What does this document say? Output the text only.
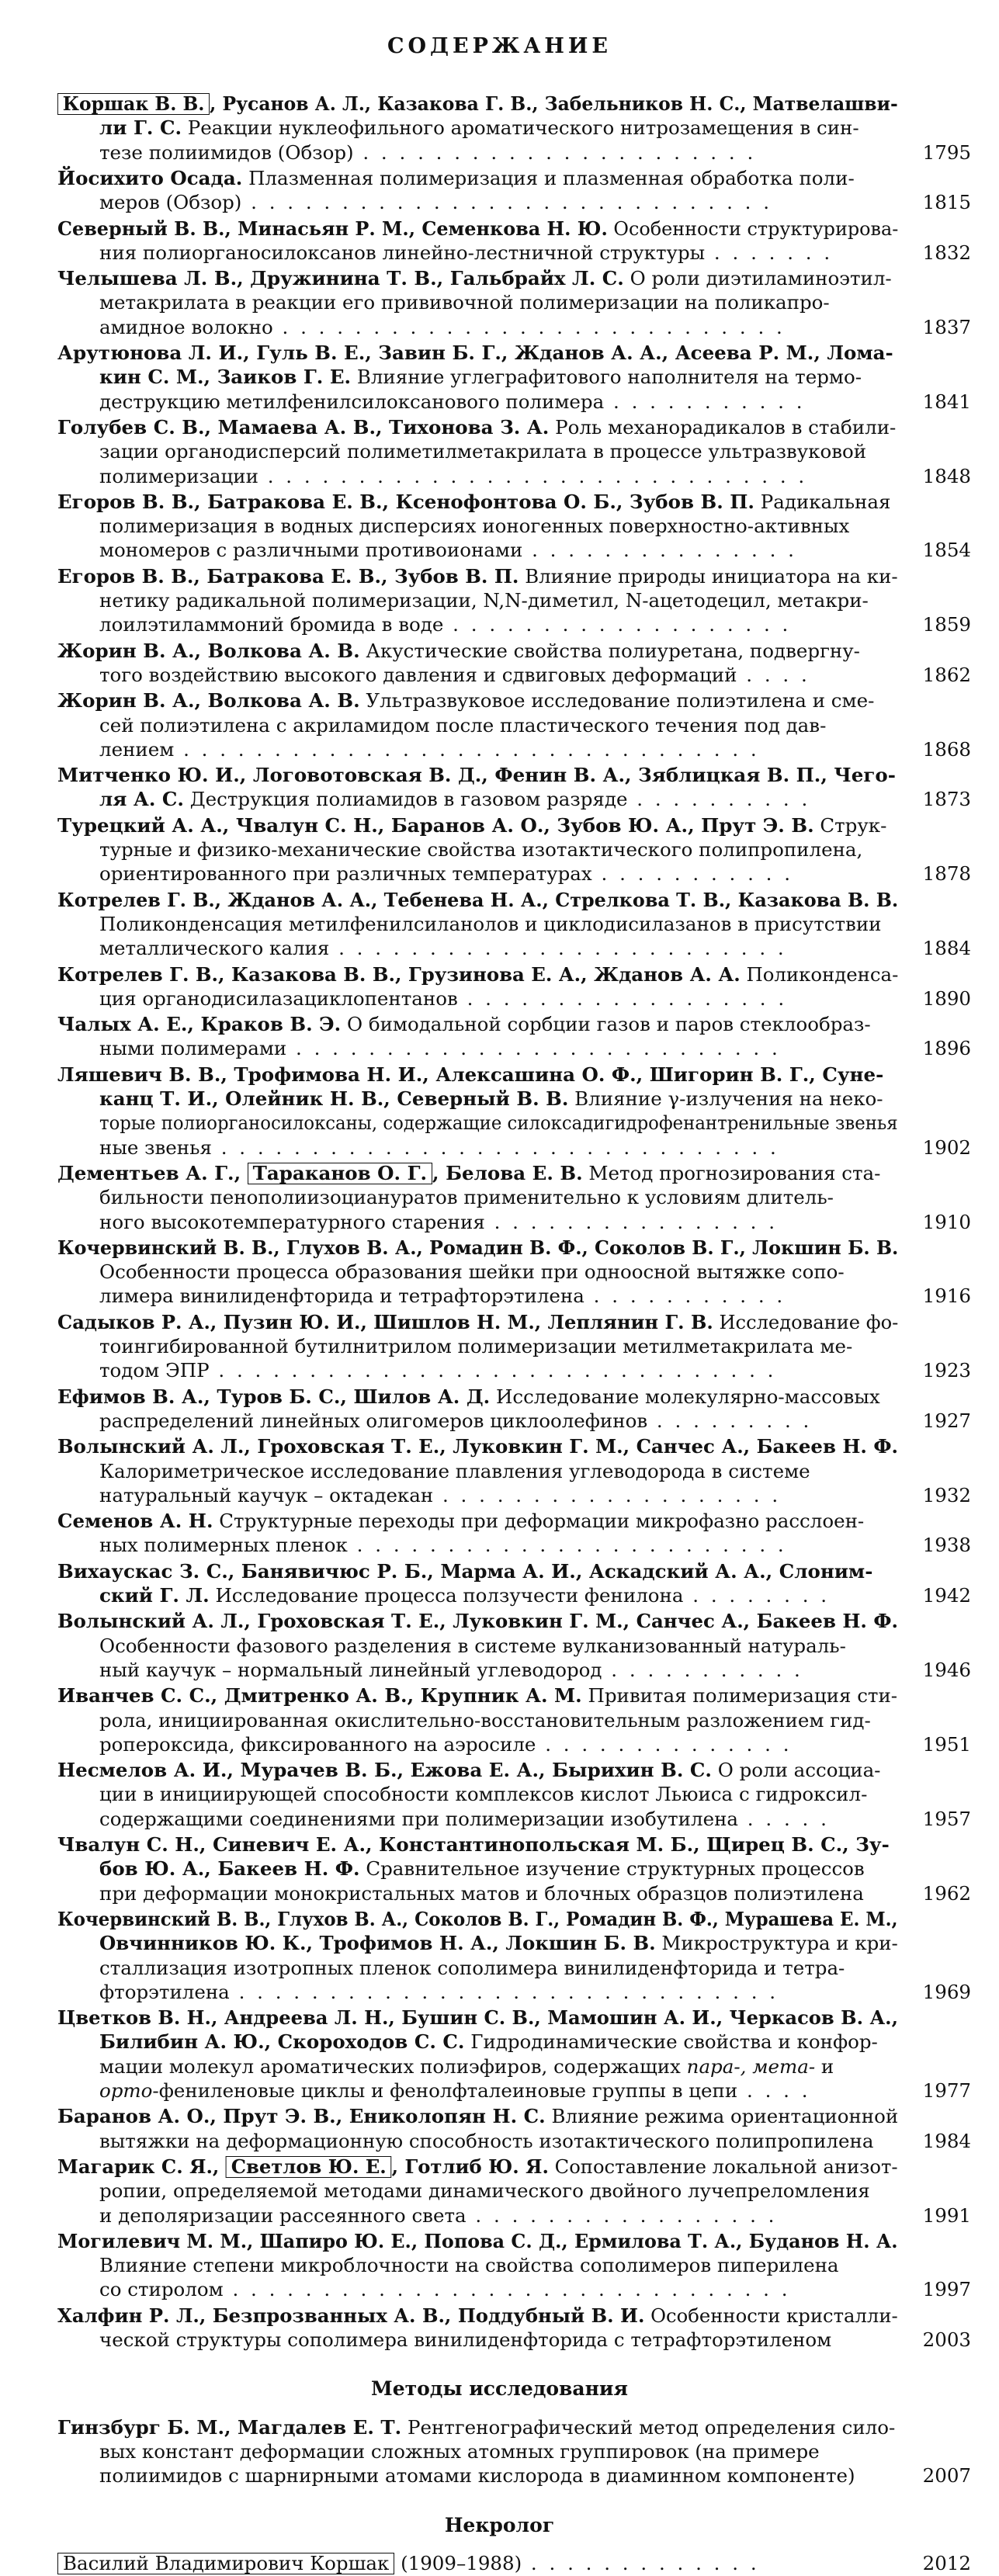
СОДЕРЖАНИЕ
Коршак В. В. , Русанов А. Л., Казакова Г. В., Забельников Н. С., Матвелашви-
ли Г. С. Реакции нуклеофильного ароматического нитрозамещения в син-
тезе полиимидов (Обзор) . . . . . . . . . . . . . . . . . . . . . .	1795
Йосихито Осада. Плазменная полимеризация и плазменная обработка поли-
меров (Обзор) . . . . . . . . . . . . . . . . . . . . . . . . . . . . .	1815
Северный В. В., Минасьян Р. М., Семенкова Н. Ю. Особенности структурирова-
ния полиорганосилоксанов линейно-лестничной структуры . . . . . . .	1832
Челышева Л. В., Дружинина Т. В., Гальбрайх Л. С. О роли диэтиламиноэтил-
метакрилата в реакции его прививочной полимеризации на поликапро-
амидное волокно . . . . . . . . . . . . . . . . . . . . . . . . . . . .	1837
Арутюнова Л. И., Гуль В. Е., Завин Б. Г., Жданов А. А., Асеева Р. М., Лома-
кин С. М., Заиков Г. Е. Влияние углеграфитового наполнителя на термо-
деструкцию метилфенилсилоксанового полимера . . . . . . . . . . .	1841
Голубев С. В., Мамаева А. В., Тихонова З. А. Роль механорадикалов в стабили-
зации органодисперсий полиметилметакрилата в процессе ультразвуковой
полимеризации . . . . . . . . . . . . . . . . . . . . . . . . . . . . . .	1848
Егоров В. В., Батракова Е. В., Ксенофонтова О. Б., Зубов В. П. Радикальная
полимеризация в водных дисперсиях ионогенных поверхностно-активных
мономеров с различными противоионами . . . . . . . . . . . . . . .	1854
Егоров В. В., Батракова Е. В., Зубов В. П. Влияние природы инициатора на ки-
нетику радикальной полимеризации, N,N-диметил, N-ацетодецил, метакри-
лоилэтиламмоний бромида в воде . . . . . . . . . . . . . . . . . . .	1859
Жорин В. А., Волкова А. В. Акустические свойства полиуретана, подвергну-
того воздействию высокого давления и сдвиговых деформаций . . . .	1862
Жорин В. А., Волкова А. В. Ультразвуковое исследование полиэтилена и сме-
сей полиэтилена с акриламидом после пластического течения под дав-
лением . . . . . . . . . . . . . . . . . . . . . . . . . . . . . . . .	1868
Митченко Ю. И., Логовотовская В. Д., Фенин В. А., Зяблицкая В. П., Чего-
ля А. С. Деструкция полиамидов в газовом разряде . . . . . . . . . .	1873
Турецкий А. А., Чвалун С. Н., Баранов А. О., Зубов Ю. А., Прут Э. В. Струк-
турные и физико-механические свойства изотактического полипропилена,
ориентированного при различных температурах . . . . . . . . . . .	1878
Котрелев Г. В., Жданов А. А., Тебенева Н. А., Стрелкова Т. В., Казакова В. В.
Поликонденсация метилфенилсиланолов и циклодисилазанов в присутствии
металлического калия . . . . . . . . . . . . . . . . . . . . . . . . .	1884
Котрелев Г. В., Казакова В. В., Грузинова Е. А., Жданов А. А. Поликонденса-
ция органодисилазациклопентанов . . . . . . . . . . . . . . . . . .	1890
Чалых А. Е., Краков В. Э. О бимодальной сорбции газов и паров стеклообраз-
ными полимерами . . . . . . . . . . . . . . . . . . . . . . . . . . .	1896
Ляшевич В. В., Трофимова Н. И., Алексашина О. Ф., Шигорин В. Г., Суне-
канц Т. И., Олейник Н. В., Северный В. В. Влияние γ-излучения на неко-
торые полиорганосилоксаны, содержащие силоксадигидрофенантренильные звенья
ные звенья . . . . . . . . . . . . . . . . . . . . . . . . . . . . . . .	1902
Дементьев А. Г., Тараканов О. Г. , Белова Е. В. Метод прогнозирования ста-
бильности пенополиизоциануратов применительно к условиям длитель-
ного высокотемпературного старения . . . . . . . . . . . . . . . .	1910
Кочервинский В. В., Глухов В. А., Ромадин В. Ф., Соколов В. Г., Локшин Б. В.
Особенности процесса образования шейки при одноосной вытяжке сопо-
лимера винилиденфторида и тетрафторэтилена . . . . . . . . . . .	1916
Садыков Р. А., Пузин Ю. И., Шишлов Н. М., Леплянин Г. В. Исследование фо-
тоингибированной бутилнитрилом полимеризации метилметакрилата ме-
тодом ЭПР . . . . . . . . . . . . . . . . . . . . . . . . . . . . . . .	1923
Ефимов В. А., Туров Б. С., Шилов А. Д. Исследование молекулярно-массовых
распределений линейных олигомеров циклоолефинов . . . . . . . . .	1927
Волынский А. Л., Гроховская Т. Е., Луковкин Г. М., Санчес А., Бакеев Н. Ф.
Калориметрическое исследование плавления углеводорода в системе
натуральный каучук – октадекан . . . . . . . . . . . . . . . . . . .	1932
Семенов А. Н. Структурные переходы при деформации микрофазно расслоен-
ных полимерных пленок . . . . . . . . . . . . . . . . . . . . . . . .	1938
Вихаускас З. С., Банявичюс Р. Б., Марма А. И., Аскадский А. А., Слоним-
ский Г. Л. Исследование процесса ползучести фенилона . . . . . . . .	1942
Волынский А. Л., Гроховская Т. Е., Луковкин Г. М., Санчес А., Бакеев Н. Ф.
Особенности фазового разделения в системе вулканизованный натураль-
ный каучук – нормальный линейный углеводород . . . . . . . . . . .	1946
Иванчев С. С., Дмитренко А. В., Крупник А. М. Привитая полимеризация сти-
рола, инициированная окислительно-восстановительным разложением гид-
ропероксида, фиксированного на аэросиле . . . . . . . . . . . . . .	1951
Несмелов А. И., Мурачев В. Б., Ежова Е. А., Бырихин В. С. О роли ассоциа-
ции в инициирующей способности комплексов кислот Льюиса с гидроксил-
содержащими соединениями при полимеризации изобутилена . . . . .	1957
Чвалун С. Н., Синевич Е. А., Константинопольская М. Б., Щирец В. С., Зу-
бов Ю. А., Бакеев Н. Ф. Сравнительное изучение структурных процессов
при деформации монокристальных матов и блочных образцов полиэтилена	1962
Кочервинский В. В., Глухов В. А., Соколов В. Г., Ромадин В. Ф., Мурашева Е. М.,
Овчинников Ю. К., Трофимов Н. А., Локшин Б. В. Микроструктура и кри-
сталлизация изотропных пленок сополимера винилиденфторида и тетра-
фторэтилена . . . . . . . . . . . . . . . . . . . . . . . . . . . . . .	1969
Цветков В. Н., Андреева Л. Н., Бушин С. В., Мамошин А. И., Черкасов В. А.,
Билибин А. Ю., Скороходов С. С. Гидродинамические свойства и конфор-
мации молекул ароматических полиэфиров, содержащих пара-, мета- и
орто-фениленовые циклы и фенолфталеиновые группы в цепи . . . .	1977
Баранов А. О., Прут Э. В., Ениколопян Н. С. Влияние режима ориентационной
вытяжки на деформационную способность изотактического полипропилена	1984
Магарик С. Я., Светлов Ю. Е. , Готлиб Ю. Я. Сопоставление локальной анизот-
ропии, определяемой методами динамического двойного лучепреломления
и деполяризации рассеянного света . . . . . . . . . . . . . . . . .	1991
Могилевич М. М., Шапиро Ю. Е., Попова С. Д., Ермилова Т. А., Буданов Н. А.
Влияние степени микроблочности на свойства сополимеров пиперилена
со стиролом . . . . . . . . . . . . . . . . . . . . . . . . . . . . . . .	1997
Халфин Р. Л., Безпрозванных А. В., Поддубный В. И. Особенности кристалли-
ческой структуры сополимера винилиденфторида с тетрафторэтиленом	2003
Методы исследования
Гинзбург Б. М., Магдалев Е. Т. Рентгенографический метод определения сило-
вых констант деформации сложных атомных группировок (на примере
полиимидов с шарнирными атомами кислорода в диаминном компоненте)	2007
Некролог
Василий Владимирович Коршак (1909–1988) . . . . . . . . . . . . .	2012
